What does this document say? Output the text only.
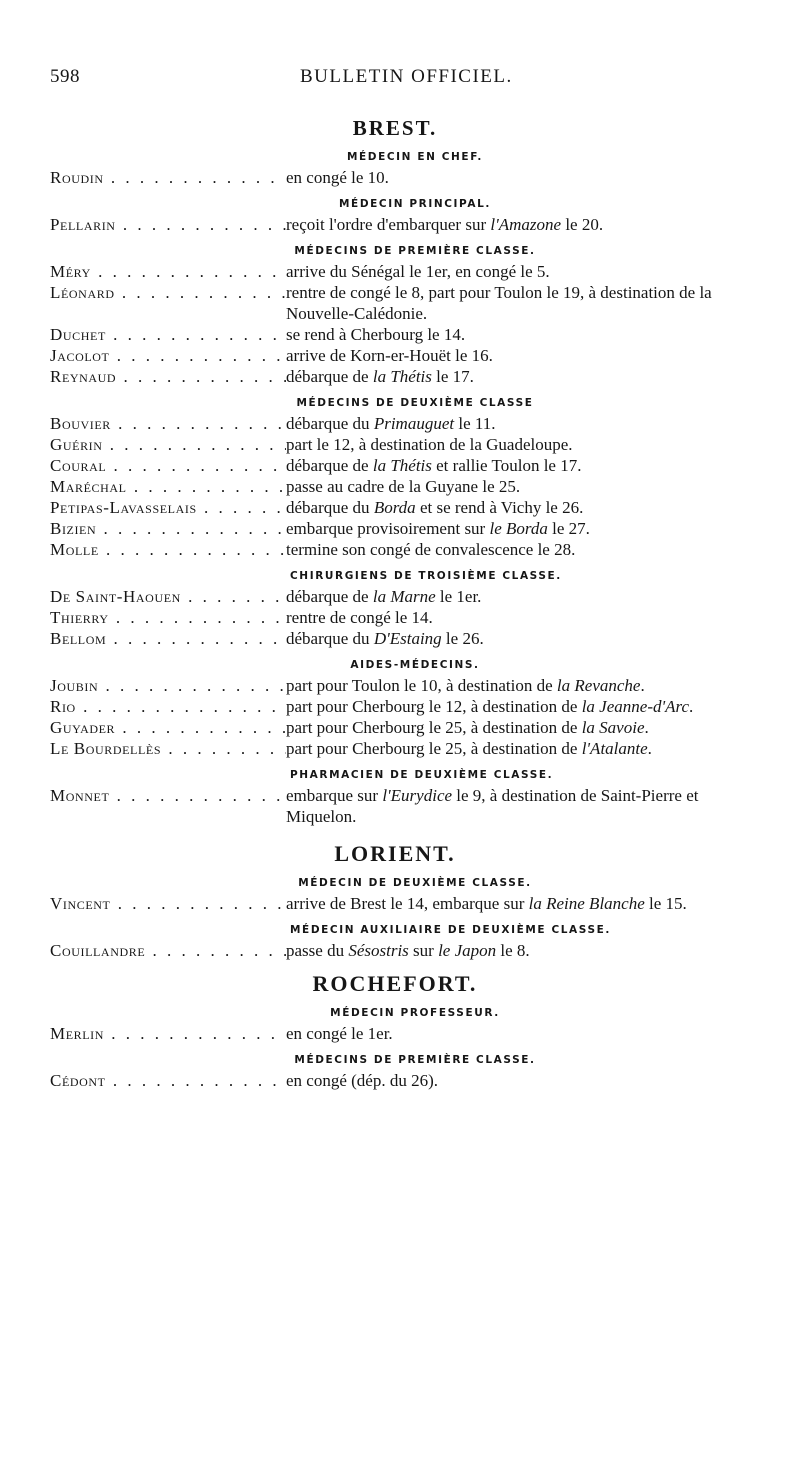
598	BULLETIN OFFICIEL.
BREST.
MÉDECIN EN CHEF.
Roudin . . .	en congé le 10.
MÉDECIN PRINCIPAL.
Pellarin . . .	reçoit l'ordre d'embarquer sur l'Amazone le 20.
MÉDECINS DE PREMIÈRE CLASSE.
Méry . . .	arrive du Sénégal le 1er, en congé le 5.
Léonard . . .	rentre de congé le 8, part pour Toulon le 19, à destination de la Nouvelle-Calédonie.
Duchet . . .	se rend à Cherbourg le 14.
Jacolot . . .	arrive de Korn-er-Houët le 16.
Reynaud . . .	débarque de la Thétis le 17.
MÉDECINS DE DEUXIÈME CLASSE
Bouvier . . .	débarque du Primauguet le 11.
Guérin . . .	part le 12, à destination de la Guadeloupe.
Coural . . .	débarque de la Thétis et rallie Toulon le 17.
Maréchal . . .	passe au cadre de la Guyane le 25.
Petipas-Lavasselais . . .	débarque du Borda et se rend à Vichy le 26.
Bizien . . .	embarque provisoirement sur le Borda le 27.
Molle . . .	termine son congé de convalescence le 28.
CHIRURGIENS DE TROISIÈME CLASSE.
De Saint-Haouen . . .	débarque de la Marne le 1er.
Thierry . . .	rentre de congé le 14.
Bellom . . .	débarque du D'Estaing le 26.
AIDES-MÉDECINS.
Joubin . . .	part pour Toulon le 10, à destination de la Revanche.
Rio . . .	part pour Cherbourg le 12, à destination de la Jeanne-d'Arc.
Guyader . . .	part pour Cherbourg le 25, à destination de la Savoie.
Le Bourdellès . . .	part pour Cherbourg le 25, à destination de l'Atalante.
PHARMACIEN DE DEUXIÈME CLASSE.
Monnet . . .	embarque sur l'Eurydice le 9, à destination de Saint-Pierre et Miquelon.
LORIENT.
MÉDECIN DE DEUXIÈME CLASSE.
Vincent . . .	arrive de Brest le 14, embarque sur la Reine Blanche le 15.
MÉDECIN AUXILIAIRE DE DEUXIÈME CLASSE.
Couillandre . . .	passe du Sésostris sur le Japon le 8.
ROCHEFORT.
MÉDECIN PROFESSEUR.
Merlin . . .	en congé le 1er.
MÉDECINS DE PREMIÈRE CLASSE.
Cédont . . .	en congé (dép. du 26).
